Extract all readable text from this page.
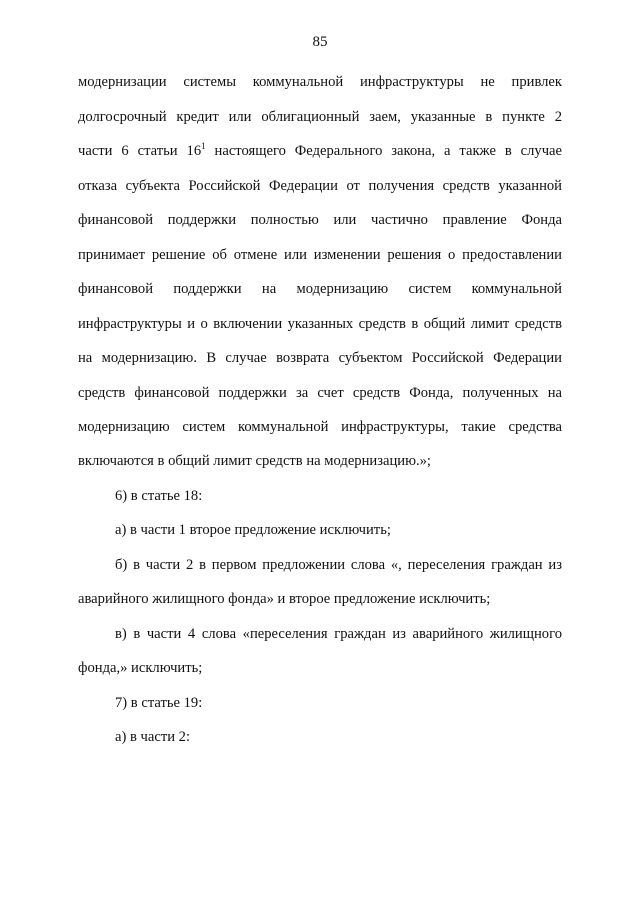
85
модернизации системы коммунальной инфраструктуры не привлек
долгосрочный кредит или облигационный заем, указанные в пункте 2
части 6 статьи $16^1$ настоящего Федерального закона, а также в случае
отказа субъекта Российской Федерации от получения средств указанной
финансовой поддержки полностью или частично правление Фонда
принимает решение об отмене или изменении решения о предоставлении
финансовой поддержки на модернизацию систем коммунальной
инфраструктуры и о включении указанных средств в общий лимит средств
на модернизацию. В случае возврата субъектом Российской Федерации
средств финансовой поддержки за счет средств Фонда, полученных на
модернизацию систем коммунальной инфраструктуры, такие средства
включаются в общий лимит средств на модернизацию.»;
6) в статье 18:
а) в части 1 второе предложение исключить;
б) в части 2 в первом предложении слова «, переселения граждан из
аварийного жилищного фонда» и второе предложение исключить;
в) в части 4 слова «переселения граждан из аварийного жилищного
фонда,» исключить;
7) в статье 19:
а) в части 2:
